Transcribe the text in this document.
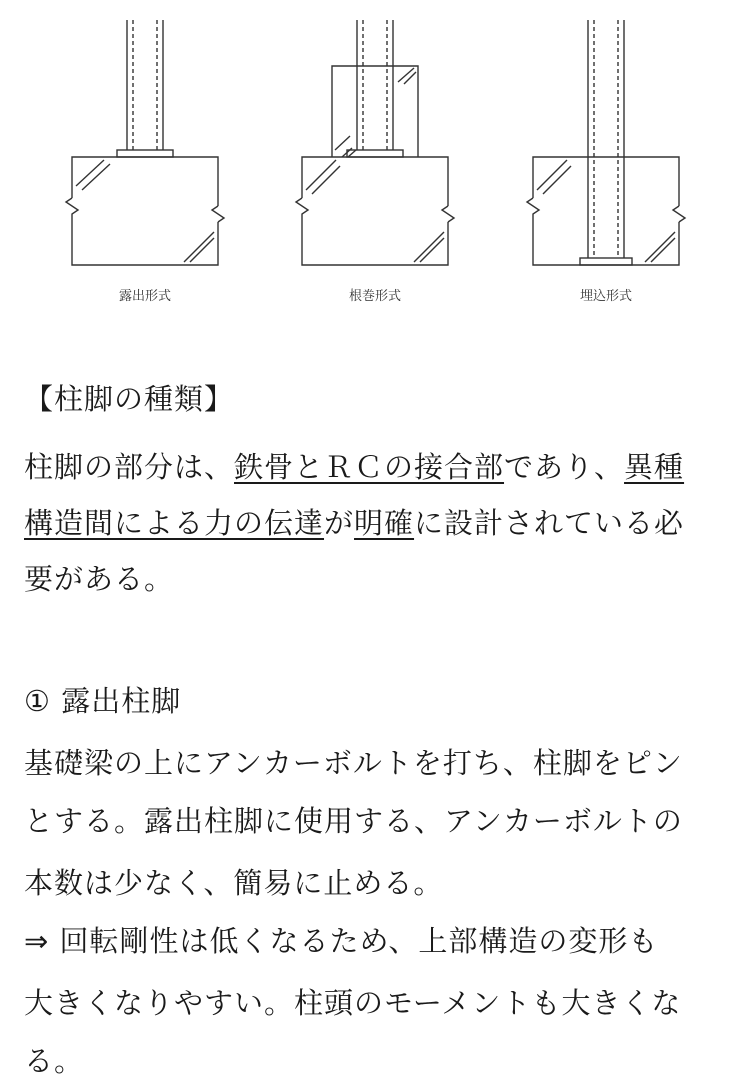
露出形式	根巻形式	埋込形式
【柱脚の種類】
柱脚の部分は、鉄骨とＲＣの接合部であり、異種
構造間による力の伝達が明確に設計されている必
要がある。
① 露出柱脚
基礎梁の上にアンカーボルトを打ち、柱脚をピン
とする。露出柱脚に使用する、アンカーボルトの
本数は少なく、簡易に止める。
⇒ 回転剛性は低くなるため、上部構造の変形も
大きくなりやすい。柱頭のモーメントも大きくな
る。
